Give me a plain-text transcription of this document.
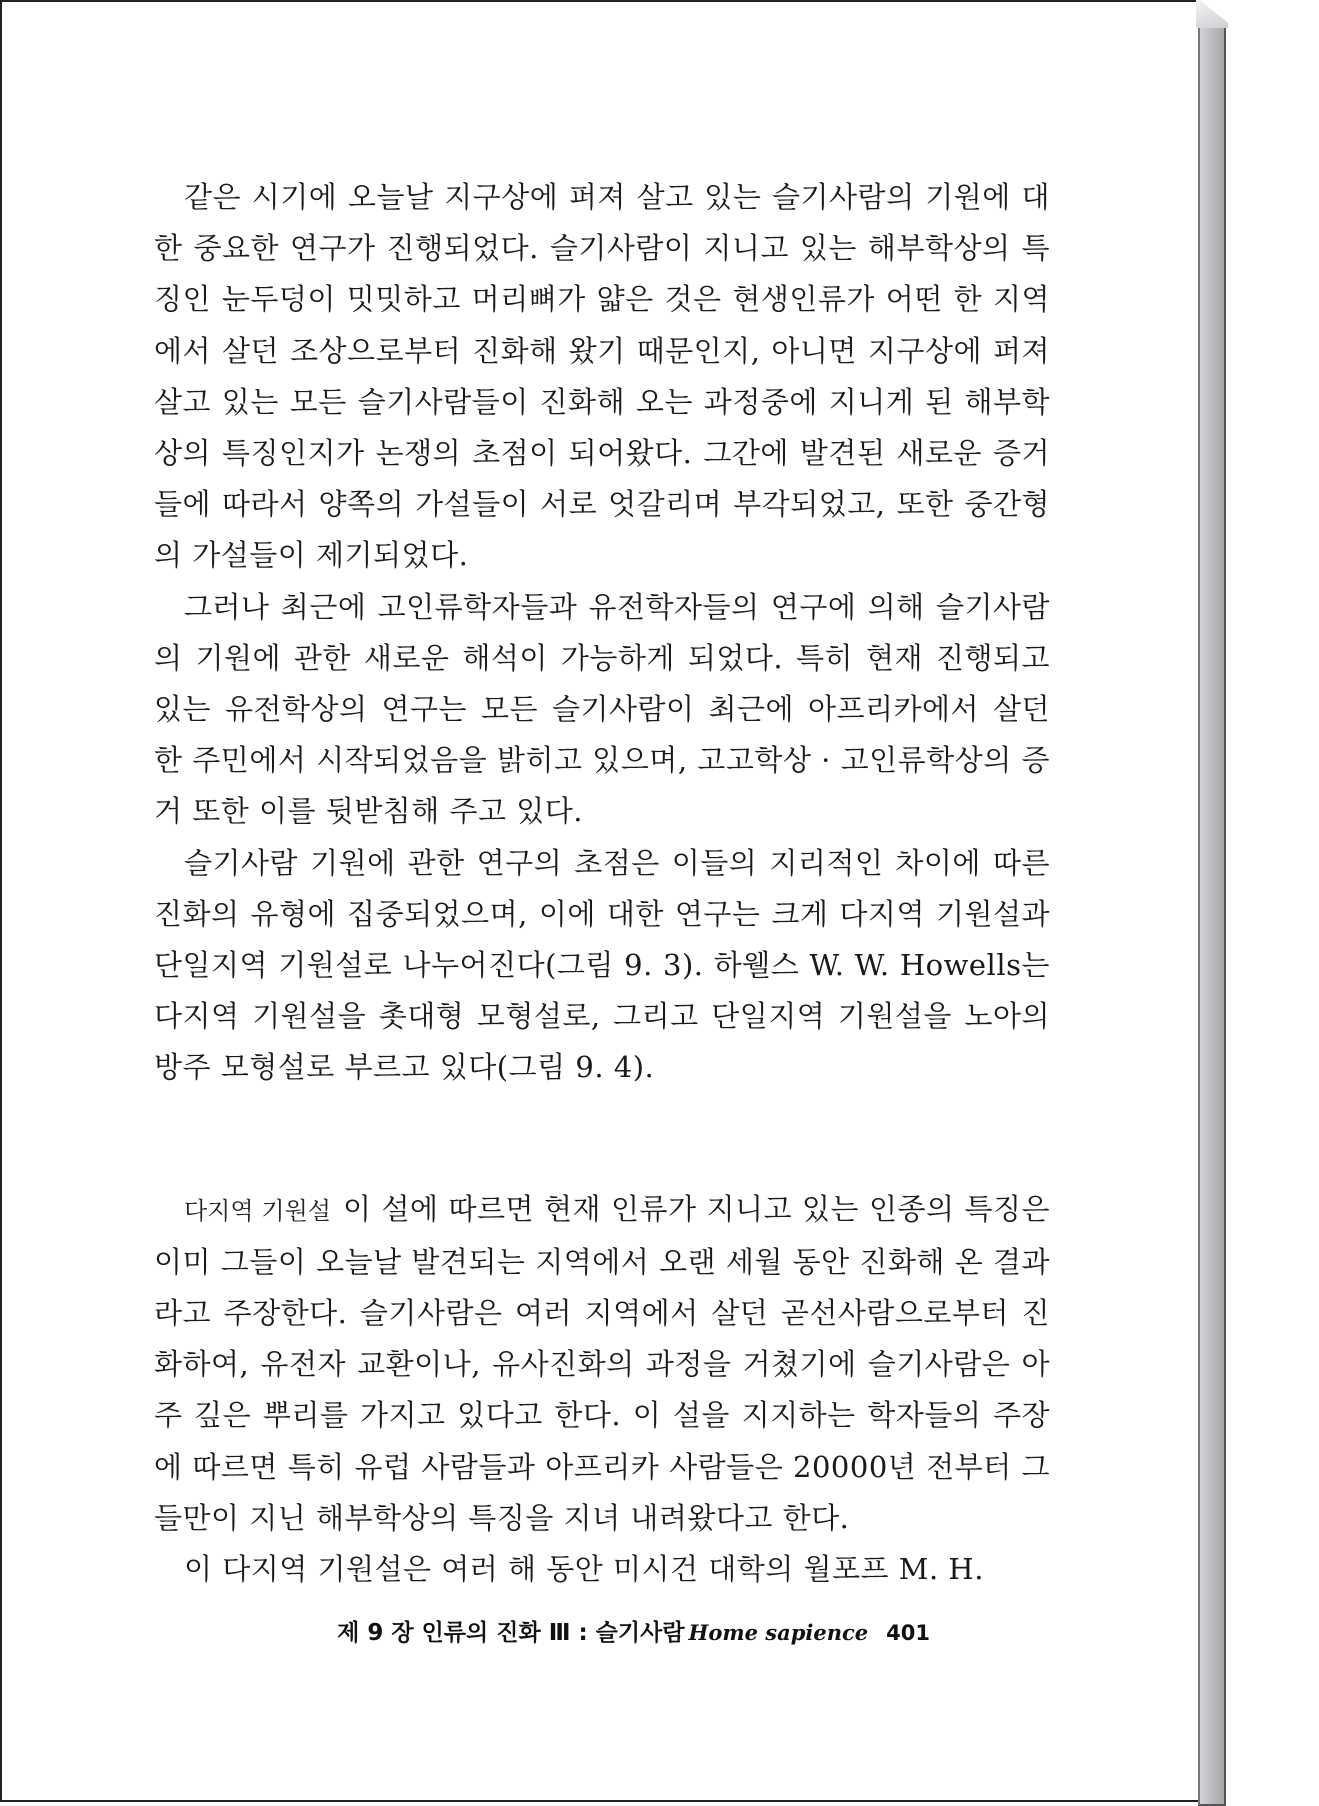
같은 시기에 오늘날 지구상에 퍼져 살고 있는 슬기사람의 기원에 대한 중요한 연구가 진행되었다. 슬기사람이 지니고 있는 해부학상의 특징인 눈두덩이 밋밋하고 머리뼈가 얇은 것은 현생인류가 어떤 한 지역에서 살던 조상으로부터 진화해 왔기 때문인지, 아니면 지구상에 퍼져 살고 있는 모든 슬기사람들이 진화해 오는 과정중에 지니게 된 해부학상의 특징인지가 논쟁의 초점이 되어왔다. 그간에 발견된 새로운 증거들에 따라서 양쪽의 가설들이 서로 엇갈리며 부각되었고, 또한 중간형의 가설들이 제기되었다.

그러나 최근에 고인류학자들과 유전학자들의 연구에 의해 슬기사람의 기원에 관한 새로운 해석이 가능하게 되었다. 특히 현재 진행되고 있는 유전학상의 연구는 모든 슬기사람이 최근에 아프리카에서 살던 한 주민에서 시작되었음을 밝히고 있으며, 고고학상 · 고인류학상의 증거 또한 이를 뒷받침해 주고 있다.

슬기사람 기원에 관한 연구의 초점은 이들의 지리적인 차이에 따른 진화의 유형에 집중되었으며, 이에 대한 연구는 크게 다지역 기원설과 단일지역 기원설로 나누어진다(그림 9. 3). 하웰스 W. W. Howells는 다지역 기원설을 촛대형 모형설로, 그리고 단일지역 기원설을 노아의 방주 모형설로 부르고 있다(그림 9. 4).

다지역 기원설 이 설에 따르면 현재 인류가 지니고 있는 인종의 특징은 이미 그들이 오늘날 발견되는 지역에서 오랜 세월 동안 진화해 온 결과라고 주장한다. 슬기사람은 여러 지역에서 살던 곧선사람으로부터 진화하여, 유전자 교환이나, 유사진화의 과정을 거쳤기에 슬기사람은 아주 깊은 뿌리를 가지고 있다고 한다. 이 설을 지지하는 학자들의 주장에 따르면 특히 유럽 사람들과 아프리카 사람들은 20000년 전부터 그들만이 지닌 해부학상의 특징을 지녀 내려왔다고 한다.

이 다지역 기원설은 여러 해 동안 미시건 대학의 월포프 M. H.

제 9 장 인류의 진화 Ⅲ : 슬기사람 Home sapience 401
